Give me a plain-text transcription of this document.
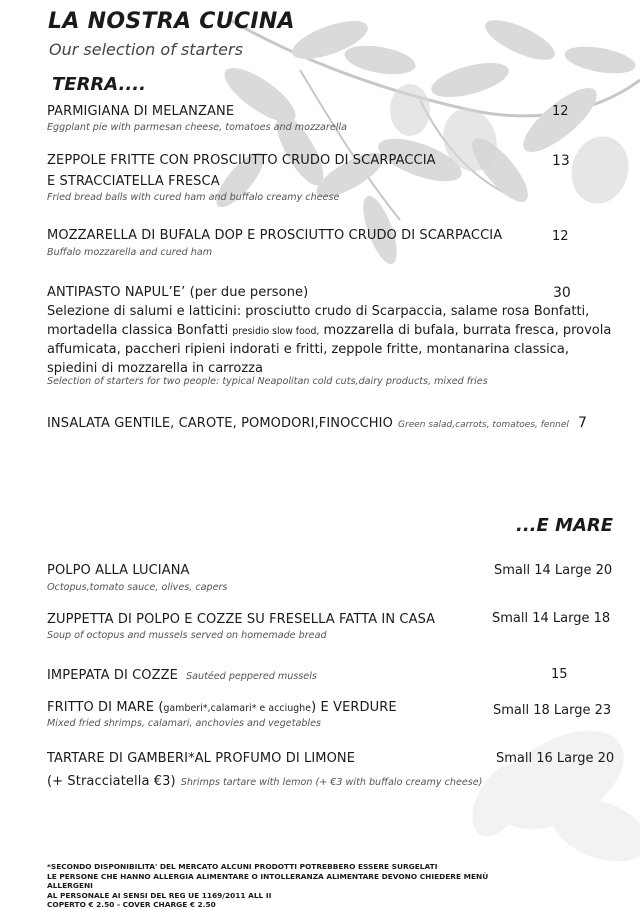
LA NOSTRA CUCINA
Our selection of starters
TERRA....
PARMIGIANA DI MELANZANE
Eggplant pie with parmesan cheese, tomatoes and mozzarella
12
ZEPPOLE FRITTE CON PROSCIUTTO CRUDO DI SCARPACCIA
E STRACCIATELLA FRESCA
Fried bread balls with cured ham and buffalo creamy cheese
13
MOZZARELLA DI BUFALA DOP E PROSCIUTTO CRUDO DI SCARPACCIA
Buffalo mozzarella and cured ham
12
ANTIPASTO NAPUL’E’ (per due persone)	30
Selezione di salumi e latticini: prosciutto crudo di Scarpaccia, salame rosa Bonfatti, mortadella classica Bonfatti presidio slow food, mozzarella di bufala, burrata fresca, provola affumicata, paccheri ripieni indorati e fritti, zeppole fritte, montanarina classica, spiedini di mozzarella in carrozza
Selection of starters for two people: typical Neapolitan cold cuts,dairy products, mixed fries
INSALATA GENTILE, CAROTE, POMODORI,FINOCCHIO Green salad,carrots, tomatoes, fennel 7
...E MARE
POLPO ALLA LUCIANA
Octopus,tomato sauce, olives, capers
Small 14 Large 20
ZUPPETTA DI POLPO E COZZE SU FRESELLA FATTA IN CASA
Soup of octopus and mussels served on homemade bread
Small 14 Large 18
IMPEPATA DI COZZE Sautéed peppered mussels	15
FRITTO DI MARE (gamberi*,calamari* e acciughe) E VERDURE
Mixed fried shrimps, calamari, anchovies and vegetables
Small 18 Large 23
TARTARE DI GAMBERI*AL PROFUMO DI LIMONE
(+ Stracciatella €3) Shrimps tartare with lemon (+ €3 with buffalo creamy cheese)
Small 16 Large 20
*SECONDO DISPONIBILITA' DEL MERCATO ALCUNI PRODOTTI POTREBBERO ESSERE SURGELATI
LE PERSONE CHE HANNO ALLERGIA ALIMENTARE O INTOLLERANZA ALIMENTARE DEVONO CHIEDERE MENÙ ALLERGENI
AL PERSONALE AI SENSI DEL REG UE 1169/2011 ALL II
COPERTO € 2.50 - COVER CHARGE € 2.50
